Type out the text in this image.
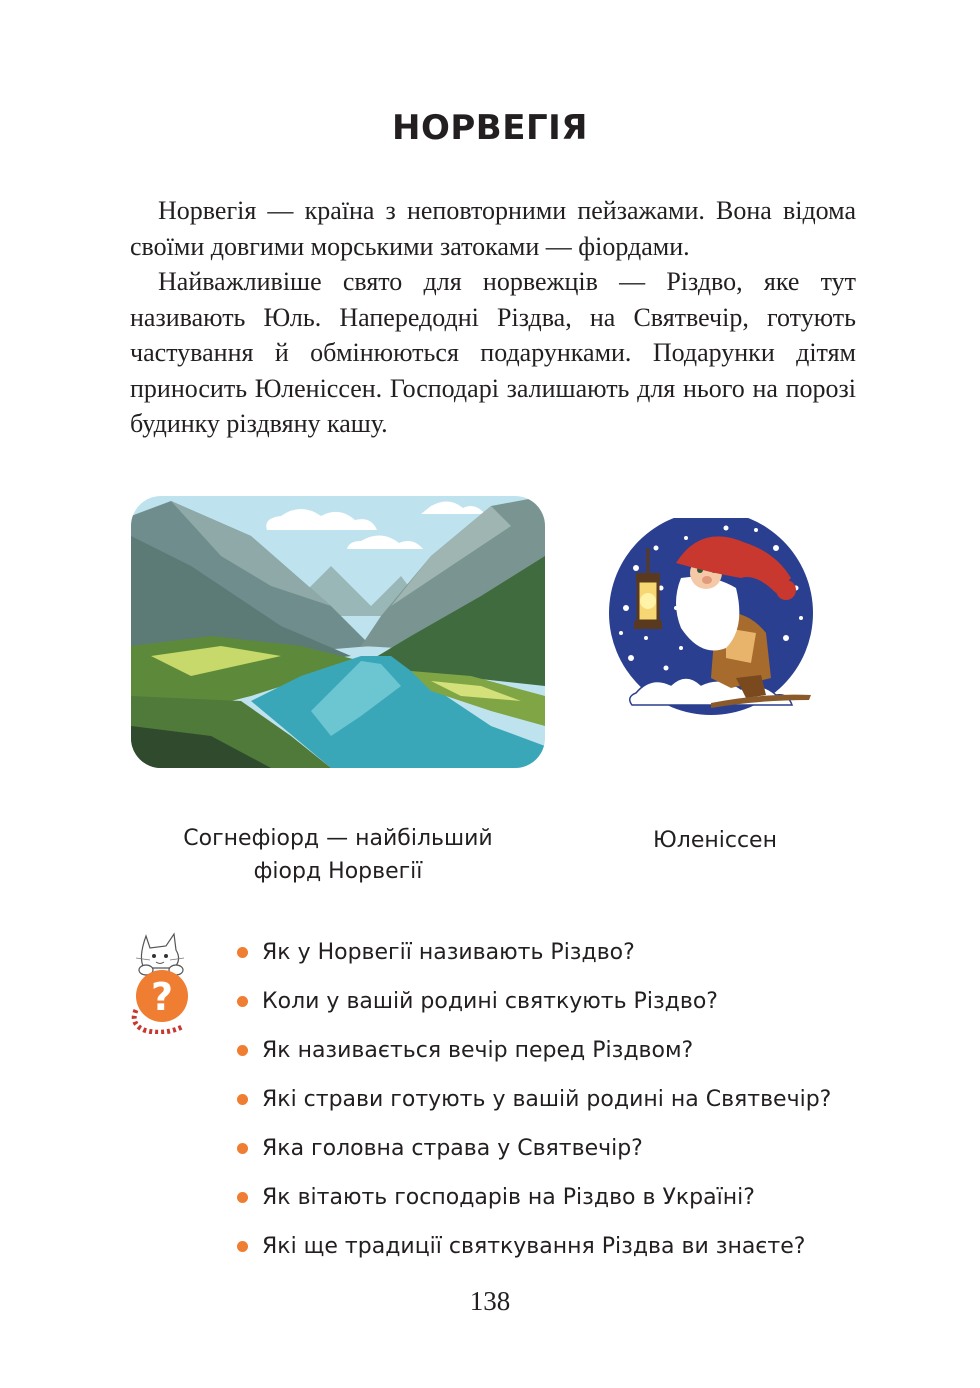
НОРВЕГІЯ

Норвегія — країна з неповторними пейзажами. Вона відома своїми довгими морськими затоками — фіордами.

Найважливіше свято для норвежців — Різдво, яке тут називають Юль. Напередодні Різдва, на Святвечір, готують частування й обмінюються подарунками. Подарунки дітям приносить Юленіссен. Господарі залишають для нього на порозі будинку різдвяну кашу.

Согнефіорд — найбільший фіорд Норвегії
Юленіссен
?
Як у Норвегії називають Різдво?
Коли у вашій родині святкують Різдво?
Як називається вечір перед Різдвом?
Які страви готують у вашій родині на Святвечір?
Яка головна страва у Святвечір?
Як вітають господарів на Різдво в Україні?
Які ще традиції святкування Різдва ви знаєте?
138
